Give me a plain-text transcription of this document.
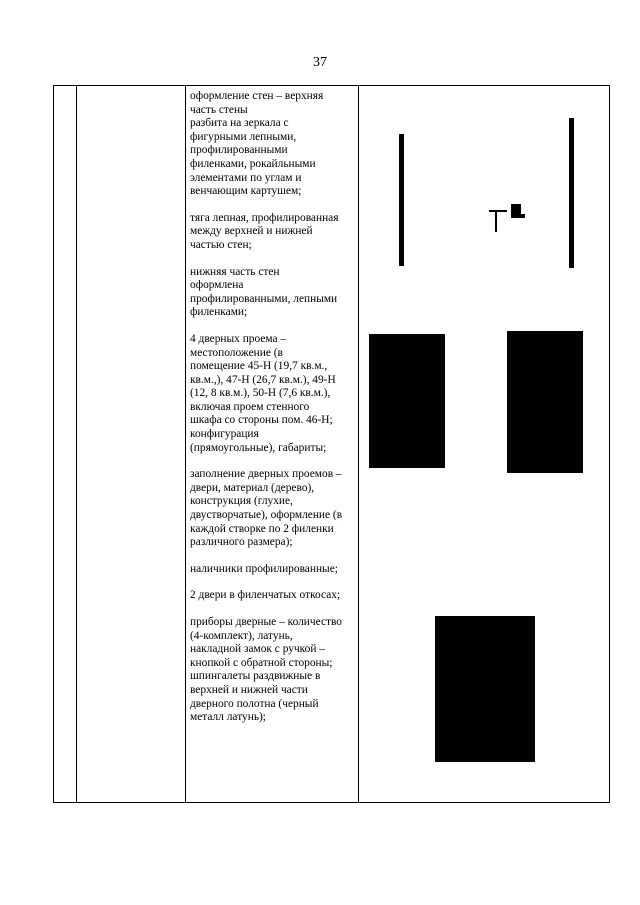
37

оформление стен – верхняя
часть стены
разбита на зеркала с
фигурными лепными,
профилированными
филенками, рокайльными
элементами по углам и
венчающим картушем;

тяга лепная, профилированная
между верхней и нижней
частью стен;

нижняя часть стен
оформлена
профилированными, лепными
филенками;

4 дверных проема –
местоположение (в
помещение 45-Н (19,7 кв.м.,
кв.м.,), 47-Н (26,7 кв.м.), 49-Н
(12, 8 кв.м.), 50-Н (7,6 кв.м.),
включая проем стенного
шкафа со стороны пом. 46-Н;
конфигурация
(прямоугольные), габариты;

заполнение дверных проемов –
двери, материал (дерево),
конструкция (глухие,
двустворчатые), оформление (в
каждой створке по 2 филенки
различного размера);

наличники профилированные;

2 двери в филенчатых откосах;

приборы дверные – количество
(4-комплект), латунь,
накладной замок с ручкой –
кнопкой с обратной стороны;
шпингалеты раздвижные в
верхней и нижней части
дверного полотна (черный
металл латунь);
